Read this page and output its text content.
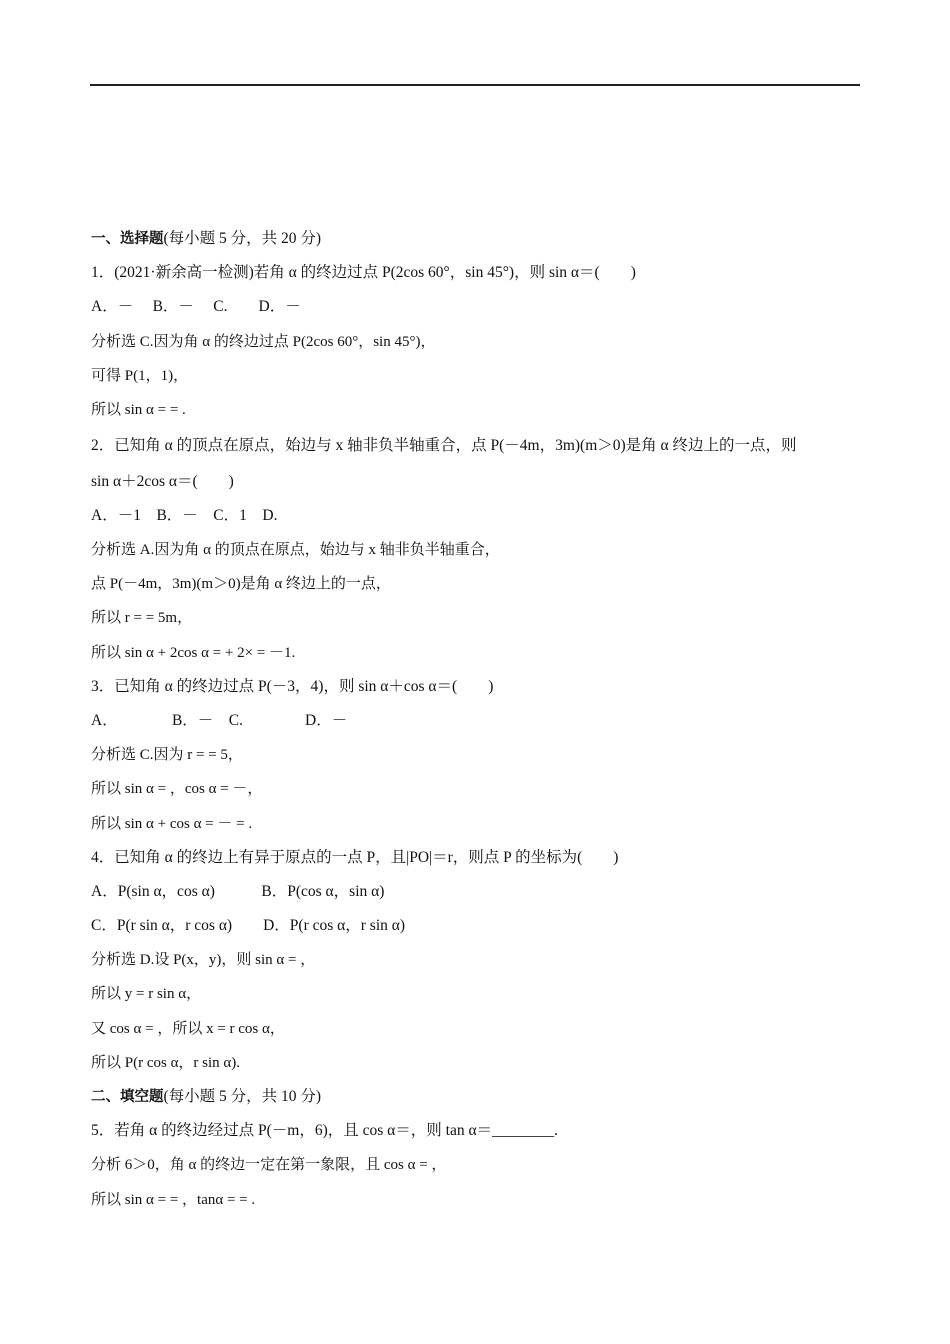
一、选择题(每小题 5 分，共 20 分)
1．(2021·新余高一检测)若角 α 的终边过点 P(2cos 60°，sin 45°)，则 sin α＝(　　)
A．－　 B．－　 C.　　D．－
分析选 C.因为角 α 的终边过点 P(2cos 60°，sin 45°)，
可得 P(1，1)，
所以 sin α = = .
2．已知角 α 的顶点在原点，始边与 x 轴非负半轴重合，点 P(－4m，3m)(m＞0)是角 α 终边上的一点，则
sin α＋2cos α＝(　　)
A．－1　B．－　C．1　D.
分析选 A.因为角 α 的顶点在原点，始边与 x 轴非负半轴重合，
点 P(－4m，3m)(m＞0)是角 α 终边上的一点，
所以 r = = 5m，
所以 sin α + 2cos α = + 2× = －1.
3．已知角 α 的终边过点 P(－3，4)，则 sin α＋cos α＝(　　)
A．　　　　B．－　C.　　　　D．－
分析选 C.因为 r = = 5，
所以 sin α = ，cos α = －，
所以 sin α + cos α = － = .
4．已知角 α 的终边上有异于原点的一点 P，且|PO|＝r，则点 P 的坐标为(　　)
A．P(sin α，cos α)　　　B．P(cos α，sin α)
C．P(r sin α，r cos α)　　D．P(r cos α，r sin α)
分析选 D.设 P(x，y)，则 sin α = ，
所以 y = r sin α，
又 cos α = ，所以 x = r cos α，
所以 P(r cos α，r sin α).
二、填空题(每小题 5 分，共 10 分)
5．若角 α 的终边经过点 P(－m，6)，且 cos α＝，则 tan α＝________.
分析 6＞0，角 α 的终边一定在第一象限，且 cos α = ，
所以 sin α = = ，tanα = = .
